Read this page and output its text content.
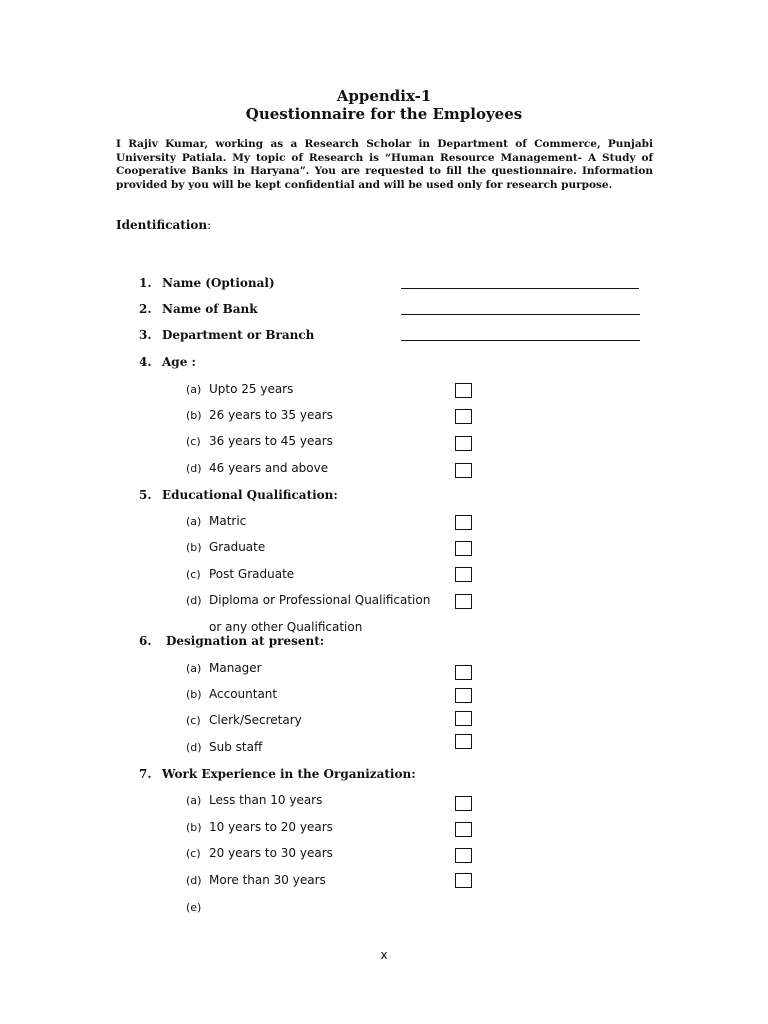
Appendix-1
Questionnaire for the Employees
I Rajiv Kumar, working as a Research Scholar in Department of Commerce, Punjabi
University Patiala. My topic of Research is “Human Resource Management- A Study of
Cooperative Banks in Haryana”. You are requested to fill the questionnaire. Information
provided by you will be kept confidential and will be used only for research purpose.
Identification:
1. Name (Optional)
2. Name of Bank
3. Department or Branch
4. Age :
(a) Upto 25 years
(b) 26 years to 35 years
(c) 36 years to 45 years
(d) 46 years and above
5. Educational Qualification:
(a) Matric
(b) Graduate
(c) Post Graduate
(d) Diploma or Professional Qualification
or any other Qualification
6. Designation at present:
(a) Manager
(b) Accountant
(c) Clerk/Secretary
(d) Sub staff
7. Work Experience in the Organization:
(a) Less than 10 years
(b) 10 years to 20 years
(c) 20 years to 30 years
(d) More than 30 years
(e)
x
